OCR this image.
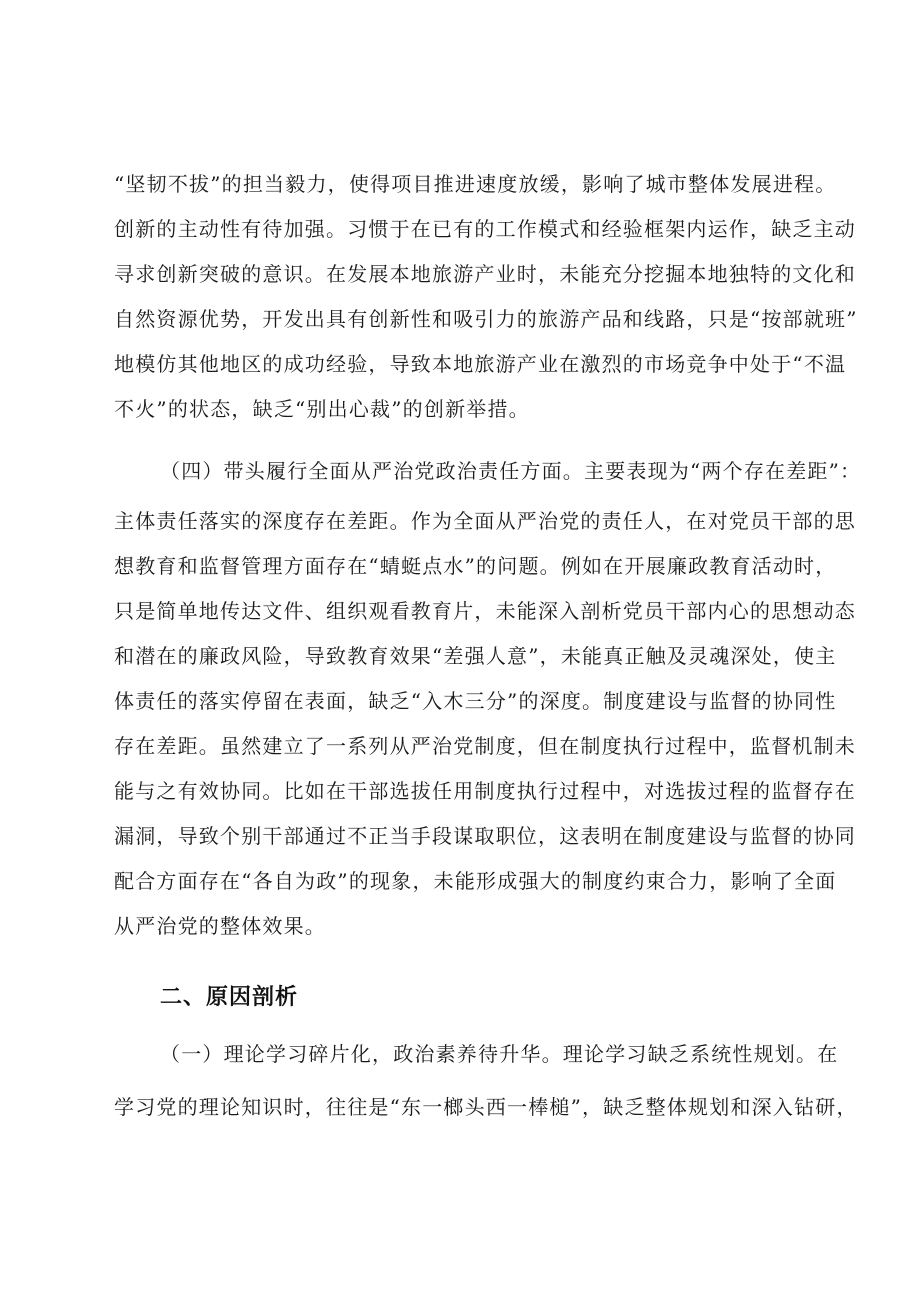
“坚韧不拔”的担当毅力，使得项目推进速度放缓，影响了城市整体发展进程。
创新的主动性有待加强。习惯于在已有的工作模式和经验框架内运作，缺乏主动
寻求创新突破的意识。在发展本地旅游产业时，未能充分挖掘本地独特的文化和
自然资源优势，开发出具有创新性和吸引力的旅游产品和线路，只是“按部就班”
地模仿其他地区的成功经验，导致本地旅游产业在激烈的市场竞争中处于“不温
不火”的状态，缺乏“别出心裁”的创新举措。
（四）带头履行全面从严治党政治责任方面。主要表现为“两个存在差距”：
主体责任落实的深度存在差距。作为全面从严治党的责任人，在对党员干部的思
想教育和监督管理方面存在“蜻蜓点水”的问题。例如在开展廉政教育活动时，
只是简单地传达文件、组织观看教育片，未能深入剖析党员干部内心的思想动态
和潜在的廉政风险，导致教育效果“差强人意”，未能真正触及灵魂深处，使主
体责任的落实停留在表面，缺乏“入木三分”的深度。制度建设与监督的协同性
存在差距。虽然建立了一系列从严治党制度，但在制度执行过程中，监督机制未
能与之有效协同。比如在干部选拔任用制度执行过程中，对选拔过程的监督存在
漏洞，导致个别干部通过不正当手段谋取职位，这表明在制度建设与监督的协同
配合方面存在“各自为政”的现象，未能形成强大的制度约束合力，影响了全面
从严治党的整体效果。
二、原因剖析
（一）理论学习碎片化，政治素养待升华。理论学习缺乏系统性规划。在
学习党的理论知识时，往往是“东一榔头西一棒槌”，缺乏整体规划和深入钻研，
